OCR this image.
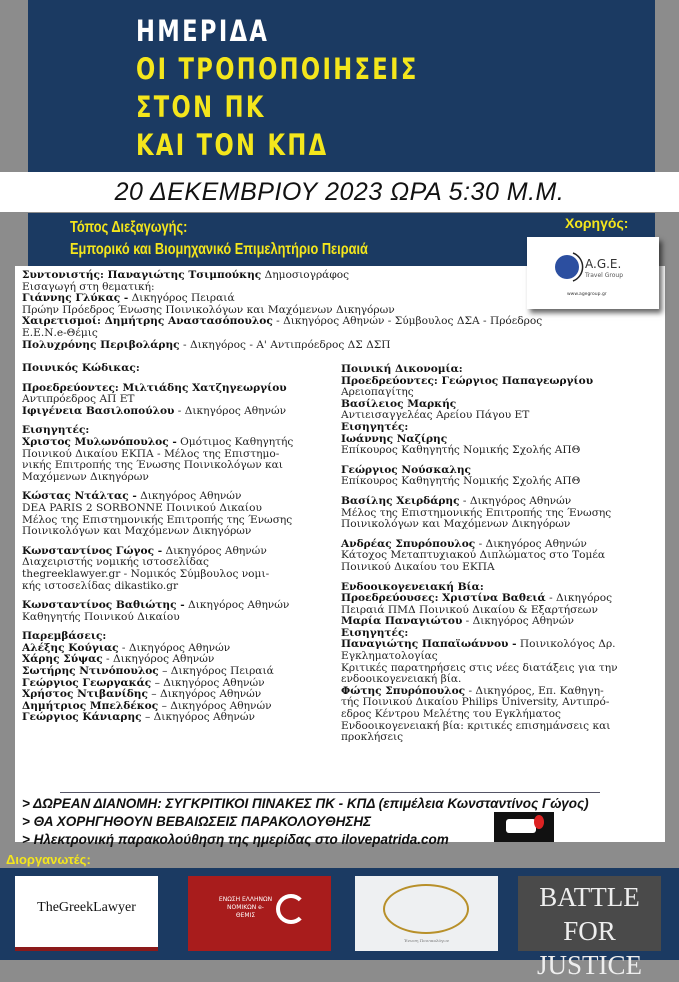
ΗΜΕΡΙΔΑ
ΟΙ ΤΡΟΠΟΠΟΙΗΣΕΙΣ
ΣΤΟΝ ΠΚ
ΚΑΙ ΤΟΝ ΚΠΔ
20 ΔΕΚΕΜΒΡΙΟΥ 2023 ΩΡΑ 5:30 Μ.Μ.
Τόπος Διεξαγωγής:
Εμπορικό και Βιομηχανικό Επιμελητήριο Πειραιά
Χορηγός:
A.G.E.
Travel Group
www.agegroup.gr
Συντονιστής: Παναγιώτης Τσιμπούκης Δημοσιογράφος
Εισαγωγή στη θεματική:
Γιάννης Γλύκας - Δικηγόρος Πειραιά
Πρώην Πρόεδρος Ένωσης Ποινικολόγων και Μαχόμενων Δικηγόρων
Χαιρετισμοί: Δημήτρης Αναστασόπουλος - Δικηγόρος Αθηνών - Σύμβουλος ΔΣΑ - Πρόεδρος
Ε.Ε.Ν.e-Θέμις
Πολυχρόνης Περιβολάρης - Δικηγόρος - Α' Αντιπρόεδρος ΔΣ ΔΣΠ
Ποινικός Κώδικας:
Προεδρεύοντες: Μιλτιάδης Χατζηγεωργίου
Αντιπρόεδρος ΑΠ ΕΤ
Ιφιγένεια Βασιλοπούλου - Δικηγόρος Αθηνών
Εισηγητές:
Χριστος Μυλωνόπουλος - Ομότιμος Καθηγητής
Ποινικού Δικαίου ΕΚΠΑ - Μέλος της Επιστημο-
νικής Επιτροπής της Ένωσης Ποινικολόγων και
Μαχόμενων Δικηγόρων
Κώστας Ντάλτας - Δικηγόρος Αθηνών
DEA PARIS 2 SORBONNE Ποινικού Δικαίου
Μέλος της Επιστημονικής Επιτροπής της Ένωσης
Ποινικολόγων και Μαχόμενων Δικηγόρων
Κωνσταντίνος Γώγος - Δικηγόρος Αθηνών
Διαχειριστής νομικής ιστοσελίδας
thegreeklawyer.gr - Νομικός Σύμβουλος νομι-
κής ιστοσελίδας dikastiko.gr
Κωνσταντίνος Βαθιώτης - Δικηγόρος Αθηνών
Καθηγητής Ποινικού Δικαίου
Παρεμβάσεις:
Αλέξης Κούγιας - Δικηγόρος Αθηνών
Χάρης Σύψας - Δικηγόρος Αθηνών
Σωτήρης Ντινόπουλος – Δικηγόρος Πειραιά
Γεώργιος Γεωργακάς – Δικηγόρος Αθηνών
Χρήστος Ντιβανίδης – Δικηγόρος Αθηνών
Δημήτριος Μπελδέκος – Δικηγόρος Αθηνών
Γεώργιος Κάνιαρης – Δικηγόρος Αθηνών
Ποινική Δικονομία:
Προεδρεύοντες: Γεώργιος Παπαγεωργίου
Αρειοπαγίτης
Βασίλειος Μαρκής
Αντιεισαγγελέας Αρείου Πάγου ΕΤ
Εισηγητές:
Ιωάννης Ναζίρης
Επίκουρος Καθηγητής Νομικής Σχολής ΑΠΘ
Γεώργιος Νούσκαλης
Επίκουρος Καθηγητής Νομικής Σχολής ΑΠΘ
Βασίλης Χειρδάρης - Δικηγόρος Αθηνών
Μέλος της Επιστημονικής Επιτροπής της Ένωσης
Ποινικολόγων και Μαχόμενων Δικηγόρων
Ανδρέας Σπυρόπουλος - Δικηγόρος Αθηνών
Κάτοχος Μεταπτυχιακού Διπλώματος στο Τομέα
Ποινικού Δικαίου του ΕΚΠΑ
Ενδοοικογενειακή Βία:
Προεδρεύουσες: Χριστίνα Βαθειά - Δικηγόρος
Πειραιά ΠΜΔ Ποινικού Δικαίου & Εξαρτήσεων
Μαρία Παναγιώτου - Δικηγόρος Αθηνών
Εισηγητές:
Παναγιώτης Παπαϊωάννου - Ποινικολόγος Δρ.
Εγκληματολογίας
Κριτικές παρατηρήσεις στις νέες διατάξεις για την
ενδοοικογενειακή βία.
Φώτης Σπυρόπουλος - Δικηγόρος, Επ. Καθηγη-
τής Ποινικού Δικαίου Philips University, Αντιπρό-
εδρος Κέντρου Μελέτης του Εγκλήματος
Ενδοοικογενειακή βία: κριτικές επισημάνσεις και
προκλήσεις
> ΔΩΡΕΑΝ ΔΙΑΝΟΜΗ: ΣΥΓΚΡΙΤΙΚΟΙ ΠΙΝΑΚΕΣ ΠΚ - ΚΠΔ (επιμέλεια Κωνσταντίνος Γώγος)
> ΘΑ ΧΟΡΗΓΗΘΟΥΝ ΒΕΒΑΙΩΣΕΙΣ ΠΑΡΑΚΟΛΟΥΘΗΣΗΣ
> Ηλεκτρονική παρακολούθηση της ημερίδας στο ilovepatrida.com
Διοργανωτές:
TheGreekLawyer
ΕΝΩΣΗ ΕΛΛΗΝΩΝ ΝΟΜΙΚΩΝ e-ΘΕΜΙΣ
Ένωση Ποινικολόγων
BATTLE FOR JUSTICE
